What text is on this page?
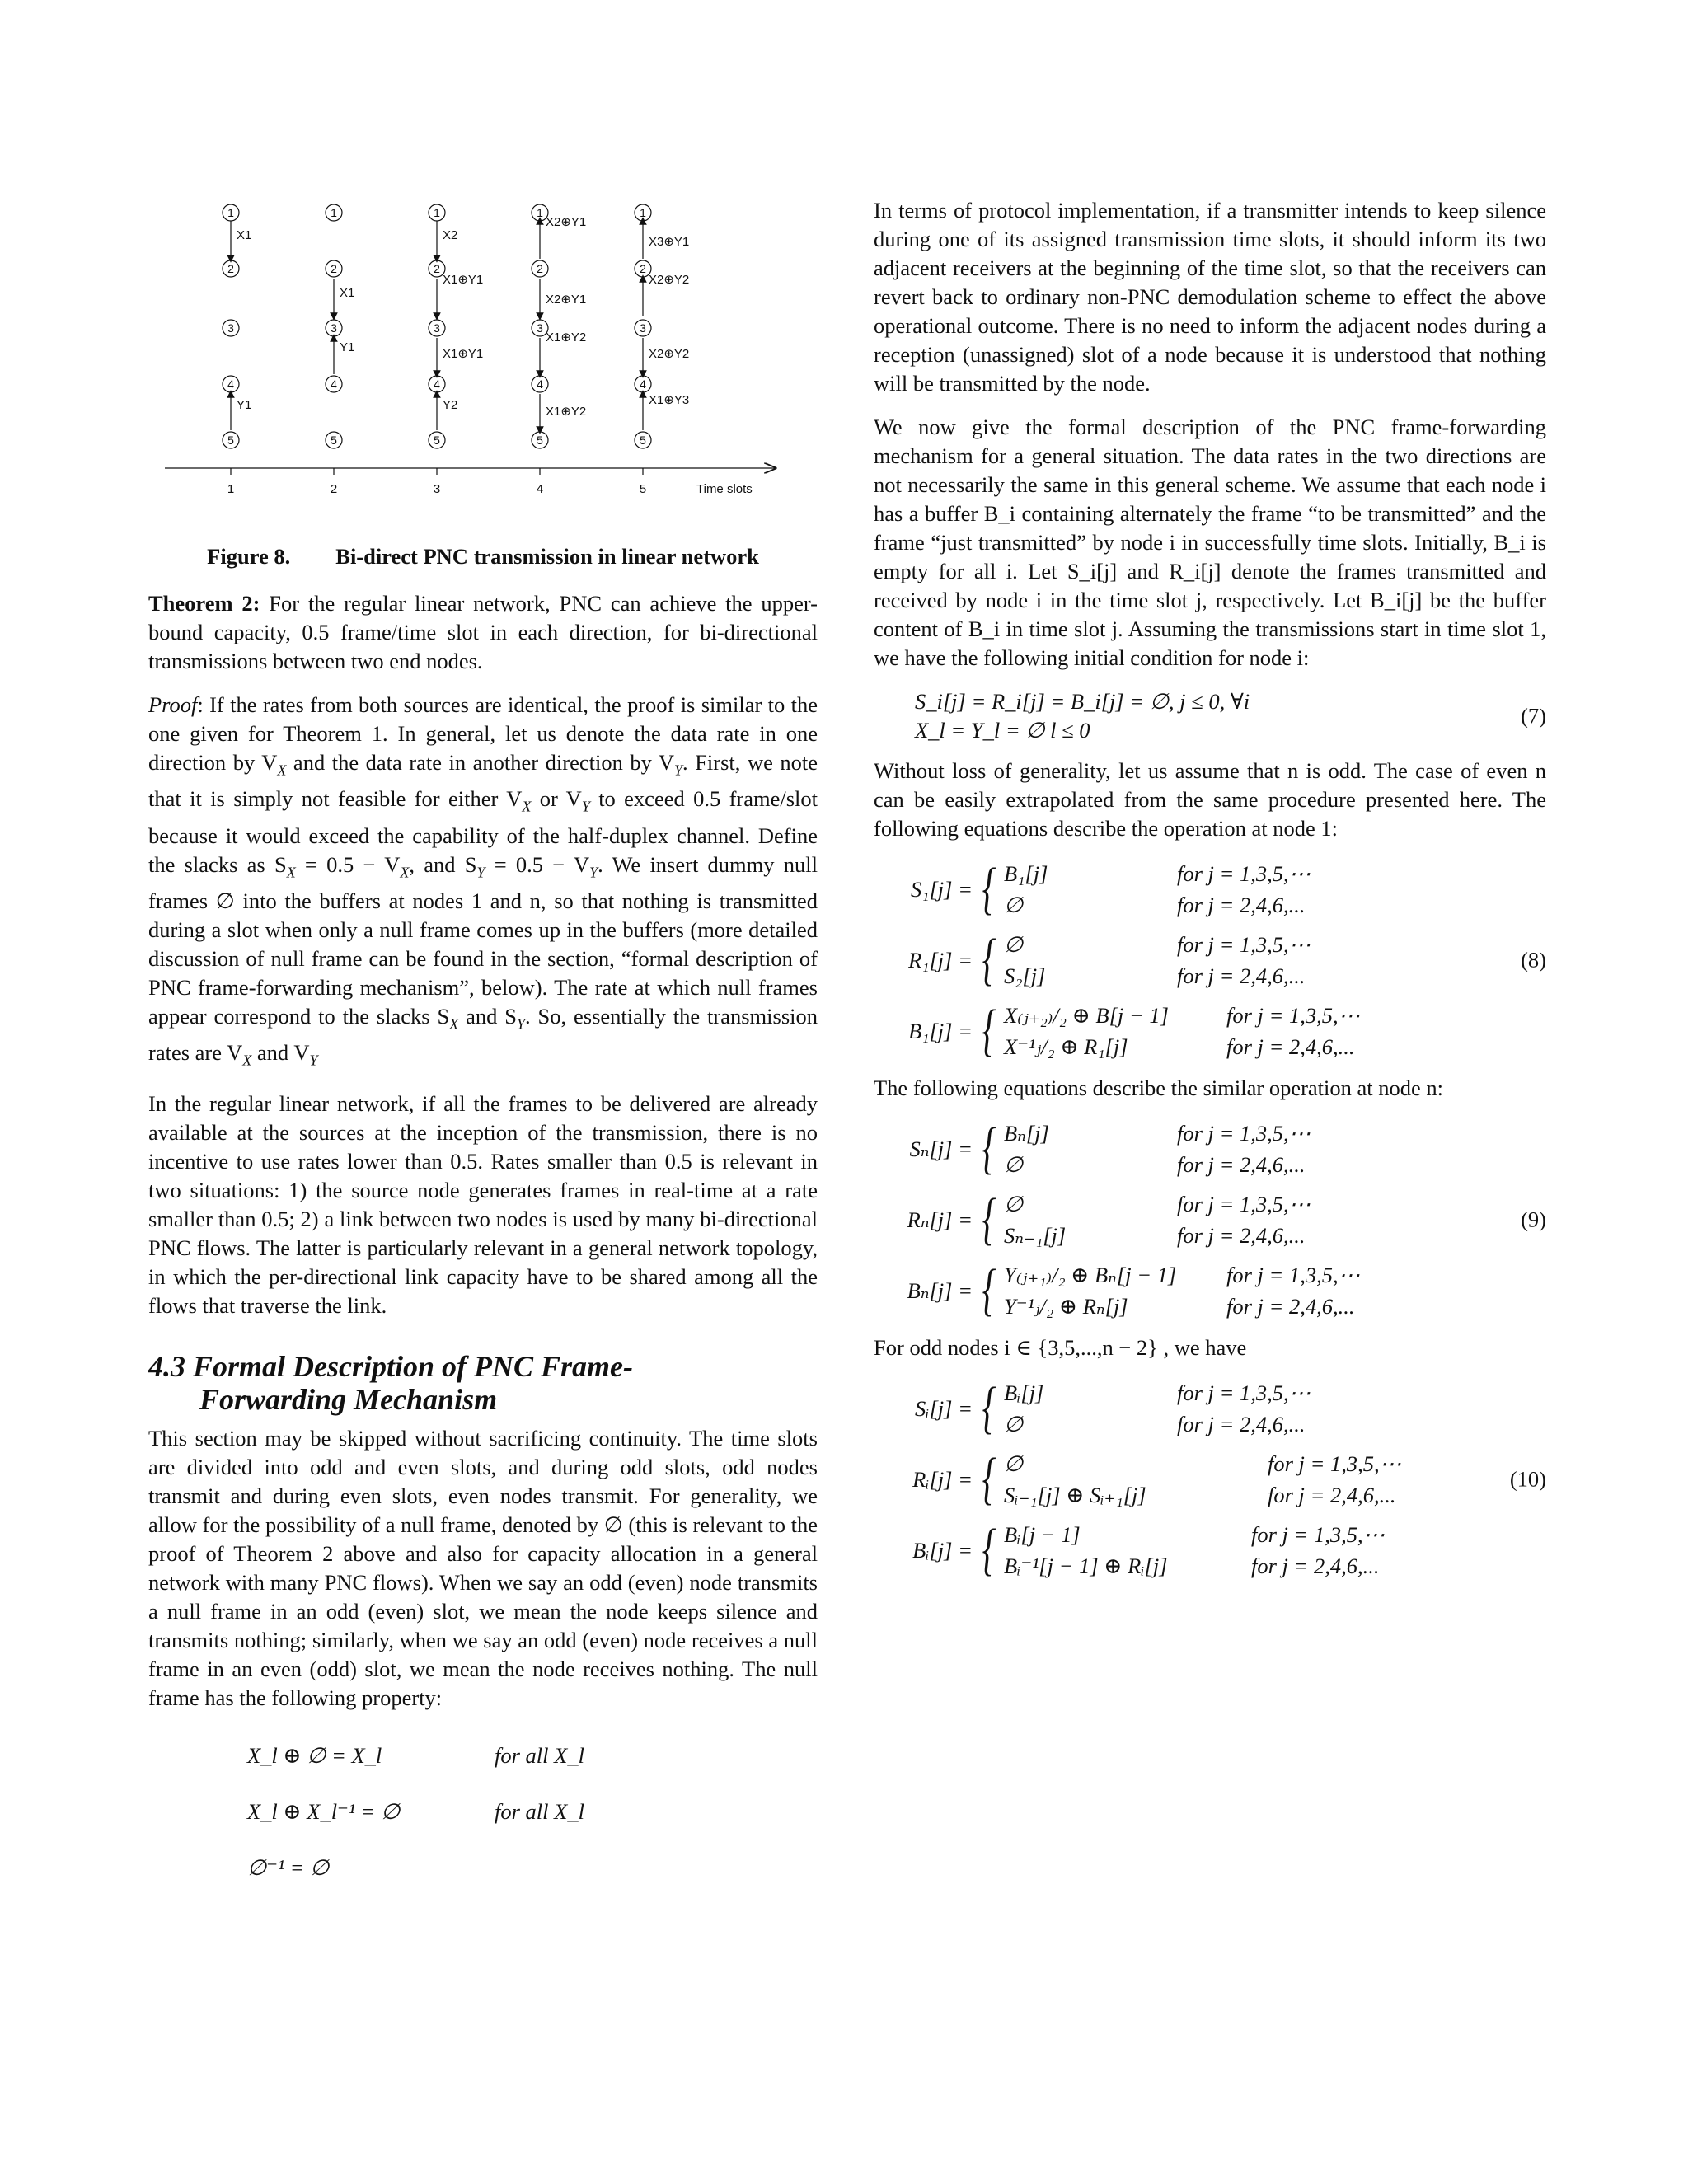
1
2
3
4
5
1
2
3
4
5
1
2
3
4
5
1
2
3
4
5
1
2
3
4
5
X1
Y1
X1
Y1
X2
X1⊕Y1
X1⊕Y1
Y2
X2⊕Y1
X2⊕Y1
X1⊕Y2
X1⊕Y2
X3⊕Y1
X2⊕Y2
X2⊕Y2
X1⊕Y3
1	2	3	4	5	Time slots
Figure 8. Bi-direct PNC transmission in linear network

Theorem 2: For the regular linear network, PNC can achieve the upper-bound capacity, 0.5 frame/time slot in each direction, for bi-directional transmissions between two end nodes.

Proof: If the rates from both sources are identical, the proof is similar to the one given for Theorem 1. In general, let us denote the data rate in one direction by $V_X$ and the data rate in another direction by $V_Y$. First, we note that it is simply not feasible for either $V_X$ or $V_Y$ to exceed 0.5 frame/slot because it would exceed the capability of the half-duplex channel. Define the slacks as $S_X = 0.5 - V_X$, and $S_Y = 0.5 - V_Y$. We insert dummy null frames ∅ into the buffers at nodes 1 and n, so that nothing is transmitted during a slot when only a null frame comes up in the buffers (more detailed discussion of null frame can be found in the section, “formal description of PNC frame-forwarding mechanism”, below). The rate at which null frames appear correspond to the slacks $S_X$ and $S_Y$. So, essentially the transmission rates are $V_X$ and $V_Y$

In the regular linear network, if all the frames to be delivered are already available at the sources at the inception of the transmission, there is no incentive to use rates lower than 0.5. Rates smaller than 0.5 is relevant in two situations: 1) the source node generates frames in real-time at a rate smaller than 0.5; 2) a link between two nodes is used by many bi-directional PNC flows. The latter is particularly relevant in a general network topology, in which the per-directional link capacity have to be shared among all the flows that traverse the link.

4.3 Formal Description of PNC Frame-
Forwarding Mechanism

This section may be skipped without sacrificing continuity. The time slots are divided into odd and even slots, and during odd slots, odd nodes transmit and during even slots, even nodes transmit. For generality, we allow for the possibility of a null frame, denoted by ∅ (this is relevant to the proof of Theorem 2 above and also for capacity allocation in a general network with many PNC flows). When we say an odd (even) node transmits a null frame in an odd (even) slot, we mean the node keeps silence and transmits nothing; similarly, when we say an odd (even) node receives a null frame in an even (odd) slot, we mean the node receives nothing. The null frame has the following property:

X_l ⊕ ∅ = X_l	for all X_l
X_l ⊕ X_l⁻¹ = ∅	for all X_l
∅⁻¹ = ∅

In terms of protocol implementation, if a transmitter intends to keep silence during one of its assigned transmission time slots, it should inform its two adjacent receivers at the beginning of the time slot, so that the receivers can revert back to ordinary non-PNC demodulation scheme to effect the above operational outcome. There is no need to inform the adjacent nodes during a reception (unassigned) slot of a node because it is understood that nothing will be transmitted by the node.

We now give the formal description of the PNC frame-forwarding mechanism for a general situation. The data rates in the two directions are not necessarily the same in this general scheme. We assume that each node i has a buffer B_i containing alternately the frame “to be transmitted” and the frame “just transmitted” by node i in successfully time slots. Initially, B_i is empty for all i. Let S_i[j] and R_i[j] denote the frames transmitted and received by node i in the time slot j, respectively. Let B_i[j] be the buffer content of B_i in time slot j. Assuming the transmissions start in time slot 1, we have the following initial condition for node i:

S_i[j] = R_i[j] = B_i[j] = ∅, j ≤ 0, ∀i
X_l = Y_l = ∅ l ≤ 0
(7)

Without loss of generality, let us assume that n is odd. The case of even n can be easily extrapolated from the same procedure presented here. The following equations describe the operation at node 1:

S₁[j] = { B₁[j]	for j = 1,3,5,⋯
∅	for j = 2,4,6,...
R₁[j] = { ∅	for j = 1,3,5,⋯
S₂[j]	for j = 2,4,6,...
B₁[j] = { X₍ⱼ₊₂₎/₂ ⊕ B[j − 1]	for j = 1,3,5,⋯
X⁻¹ⱼ/₂ ⊕ R₁[j]	for j = 2,4,6,...
(8)

The following equations describe the similar operation at node n:

Sₙ[j] = { Bₙ[j]	for j = 1,3,5,⋯
∅	for j = 2,4,6,...
Rₙ[j] = { ∅	for j = 1,3,5,⋯
Sₙ₋₁[j]	for j = 2,4,6,...
Bₙ[j] = { Y₍ⱼ₊₁₎/₂ ⊕ Bₙ[j − 1]	for j = 1,3,5,⋯
Y⁻¹ⱼ/₂ ⊕ Rₙ[j]	for j = 2,4,6,...
(9)

For odd nodes i ∈ {3,5,...,n − 2} , we have

Sᵢ[j] = { Bᵢ[j]	for j = 1,3,5,⋯
∅	for j = 2,4,6,...
Rᵢ[j] = { ∅	for j = 1,3,5,⋯
Sᵢ₋₁[j] ⊕ Sᵢ₊₁[j]	for j = 2,4,6,...
Bᵢ[j] = { Bᵢ[j − 1]	for j = 1,3,5,⋯
Bᵢ⁻¹[j − 1] ⊕ Rᵢ[j]	for j = 2,4,6,...
(10)
